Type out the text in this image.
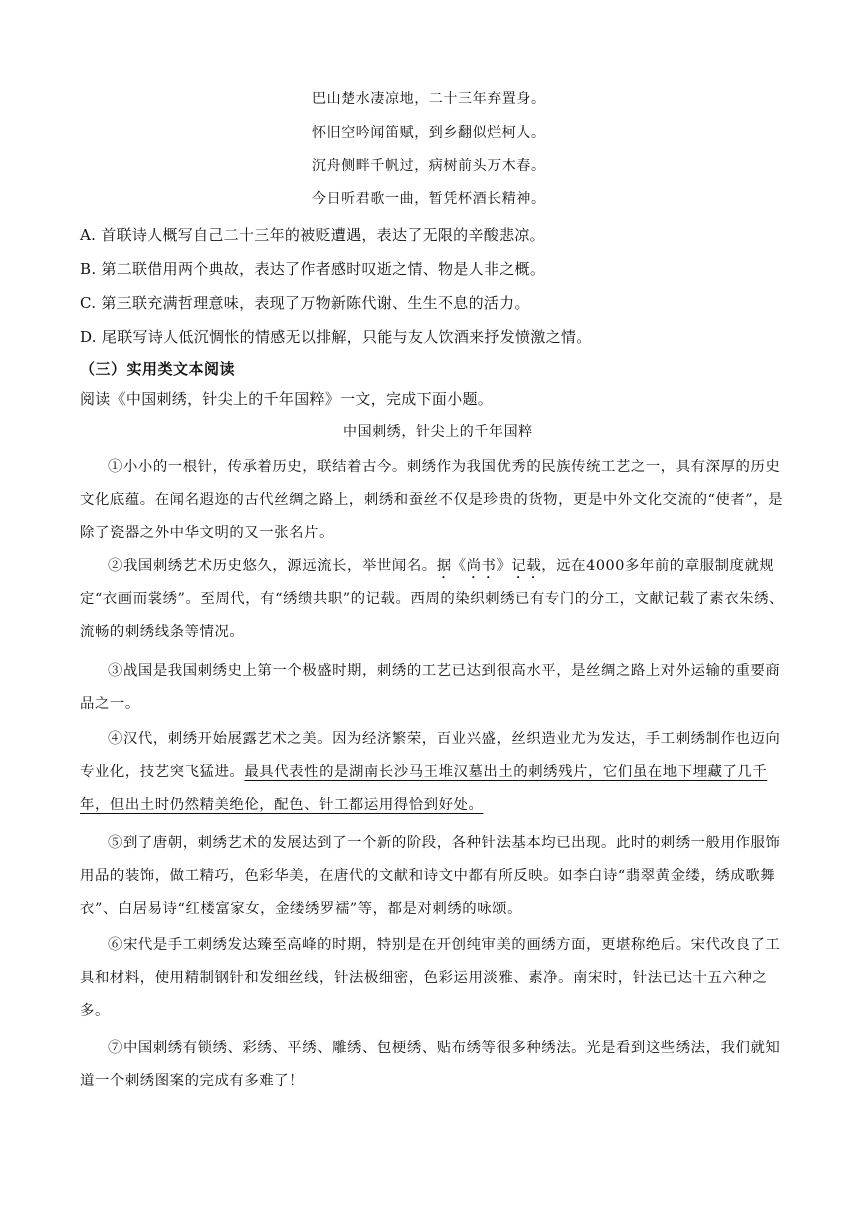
巴山楚水凄凉地，二十三年弃置身。
怀旧空吟闻笛赋，到乡翻似烂柯人。
沉舟侧畔千帆过，病树前头万木春。
今日听君歌一曲，暂凭杯酒长精神。
A. 首联诗人概写自己二十三年的被贬遭遇，表达了无限的辛酸悲凉。
B. 第二联借用两个典故，表达了作者感时叹逝之情、物是人非之概。
C. 第三联充满哲理意味，表现了万物新陈代谢、生生不息的活力。
D. 尾联写诗人低沉惆怅的情感无以排解，只能与友人饮酒来抒发愤激之情。
（三）实用类文本阅读
阅读《中国刺绣，针尖上的千年国粹》一文，完成下面小题。
中国刺绣，针尖上的千年国粹
①小小的一根针，传承着历史，联结着古今。刺绣作为我国优秀的民族传统工艺之一，具有深厚的历史文化底蕴。在闻名遐迩的古代丝绸之路上，刺绣和蚕丝不仅是珍贵的货物，更是中外文化交流的“使者”，是除了瓷器之外中华文明的又一张名片。
②我国刺绣艺术历史悠久，源远流长，举世闻名。据《尚书》记载，远在4000多年前的章服制度就规定“衣画而裳绣”。至周代，有“绣缋共职”的记载。西周的染织刺绣已有专门的分工，文献记载了素衣朱绣、流畅的刺绣线条等情况。
③战国是我国刺绣史上第一个极盛时期，刺绣的工艺已达到很高水平，是丝绸之路上对外运输的重要商品之一。
④汉代，刺绣开始展露艺术之美。因为经济繁荣，百业兴盛，丝织造业尤为发达，手工刺绣制作也迈向专业化，技艺突飞猛进。最具代表性的是湖南长沙马王堆汉墓出土的刺绣残片，它们虽在地下埋藏了几千年，但出土时仍然精美绝伦，配色、针工都运用得恰到好处。
⑤到了唐朝，刺绣艺术的发展达到了一个新的阶段，各种针法基本均已出现。此时的刺绣一般用作服饰用品的装饰，做工精巧，色彩华美，在唐代的文献和诗文中都有所反映。如李白诗“翡翠黄金缕，绣成歌舞衣”、白居易诗“红楼富家女，金缕绣罗襦”等，都是对刺绣的咏颂。
⑥宋代是手工刺绣发达臻至高峰的时期，特别是在开创纯审美的画绣方面，更堪称绝后。宋代改良了工具和材料，使用精制钢针和发细丝线，针法极细密，色彩运用淡雅、素净。南宋时，针法已达十五六种之多。
⑦中国刺绣有锁绣、彩绣、平绣、雕绣、包梗绣、贴布绣等很多种绣法。光是看到这些绣法，我们就知道一个刺绣图案的完成有多难了！
